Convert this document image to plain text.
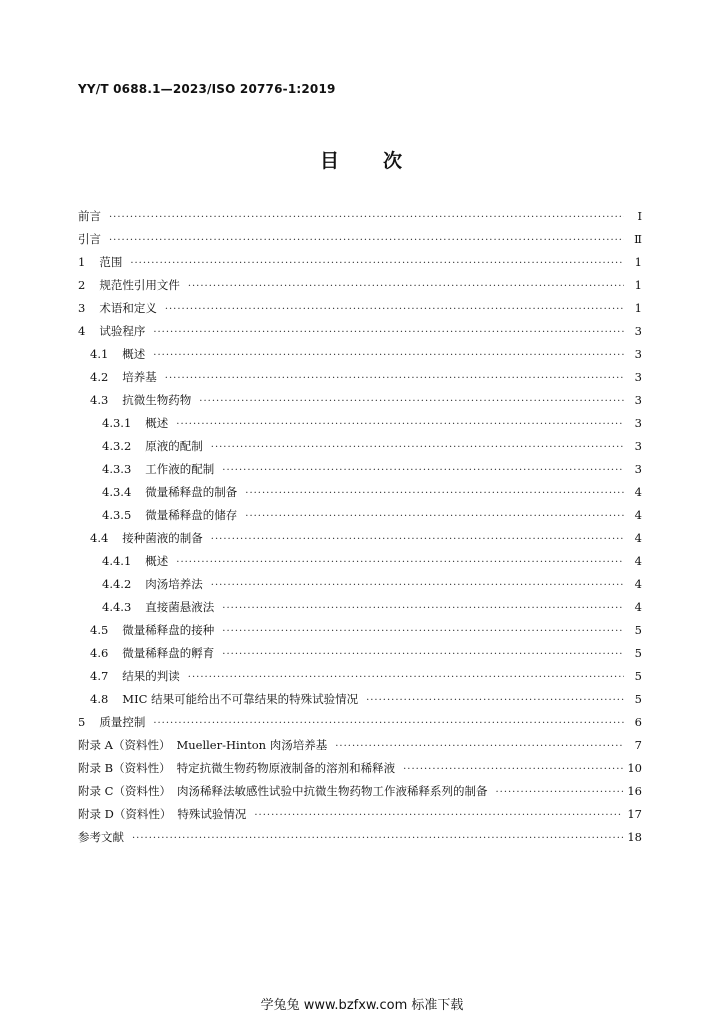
YY/T 0688.1—2023/ISO 20776-1:2019
目 次
前言 ·····	Ⅰ
引言 ·····	Ⅱ
1 范围 ·····	1
2 规范性引用文件 ·····	1
3 术语和定义 ·····	1
4 试验程序 ·····	3
4.1 概述 ·····	3
4.2 培养基 ·····	3
4.3 抗微生物药物 ·····	3
4.3.1 概述 ·····	3
4.3.2 原液的配制 ·····	3
4.3.3 工作液的配制 ·····	3
4.3.4 微量稀释盘的制备 ·····	4
4.3.5 微量稀释盘的储存 ·····	4
4.4 接种菌液的制备 ·····	4
4.4.1 概述 ·····	4
4.4.2 肉汤培养法 ·····	4
4.4.3 直接菌悬液法 ·····	4
4.5 微量稀释盘的接种 ·····	5
4.6 微量稀释盘的孵育 ·····	5
4.7 结果的判读 ·····	5
4.8 MIC 结果可能给出不可靠结果的特殊试验情况 ·····	5
5 质量控制 ·····	6
附录 A（资料性） Mueller-Hinton 肉汤培养基 ·····	7
附录 B（资料性） 特定抗微生物药物原液制备的溶剂和稀释液 ·····	10
附录 C（资料性） 肉汤稀释法敏感性试验中抗微生物药物工作液稀释系列的制备 ·····	16
附录 D（资料性） 特殊试验情况 ·····	17
参考文献 ·····	18
学兔兔 www.bzfxw.com 标准下载
